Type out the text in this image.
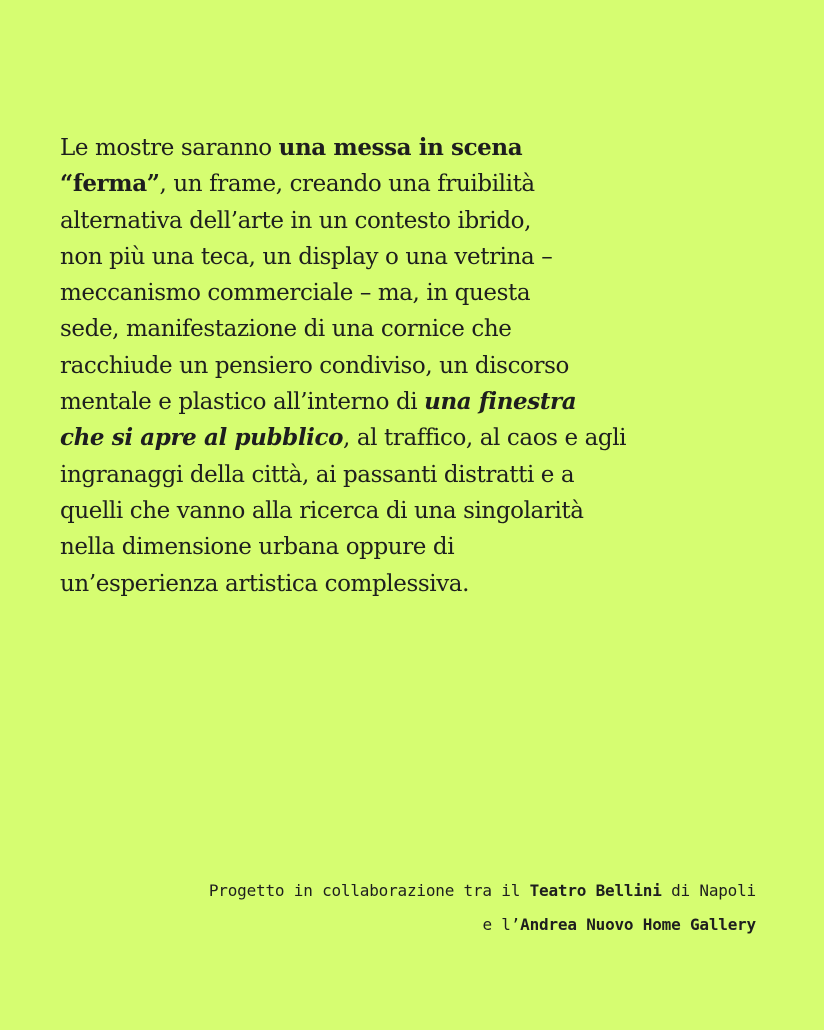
Le mostre saranno una messa in scena
“ferma”, un frame, creando una fruibilità
alternativa dell’arte in un contesto ibrido,
non più una teca, un display o una vetrina –
meccanismo commerciale – ma, in questa
sede, manifestazione di una cornice che
racchiude un pensiero condiviso, un discorso
mentale e plastico all’interno di una finestra
che si apre al pubblico, al traffico, al caos e agli
ingranaggi della città, ai passanti distratti e a
quelli che vanno alla ricerca di una singolarità
nella dimensione urbana oppure di
un’esperienza artistica complessiva.

Progetto in collaborazione tra il Teatro Bellini di Napoli
e l’Andrea Nuovo Home Gallery
